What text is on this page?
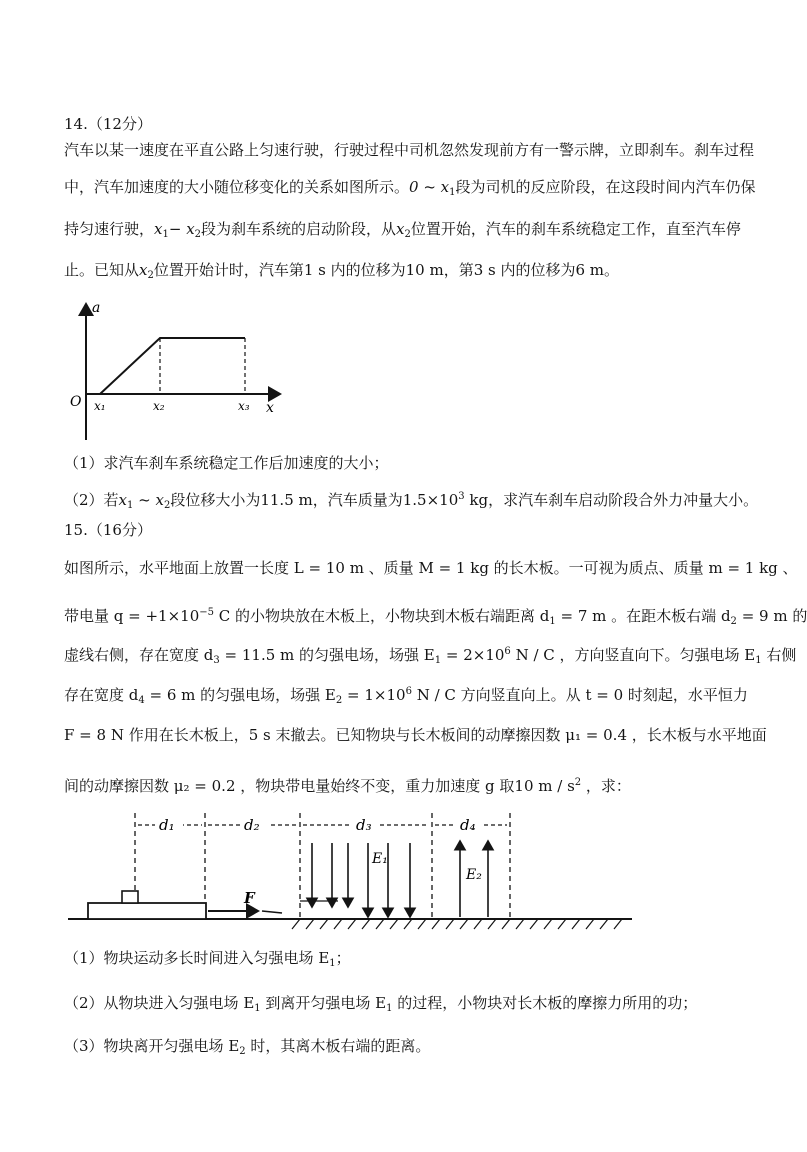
14.（12分）
汽车以某一速度在平直公路上匀速行驶，行驶过程中司机忽然发现前方有一警示牌，立即刹车。刹车过程
中，汽车加速度的大小随位移变化的关系如图所示。0 ~ $x_1$段为司机的反应阶段，在这段时间内汽车仍保
持匀速行驶，$x_1- x_2$段为刹车系统的启动阶段，从$x_2$位置开始，汽车的刹车系统稳定工作，直至汽车停
止。已知从$x_2$位置开始计时，汽车第1 s 内的位移为10 m，第3 s 内的位移为6 m。
a
x
O x₁	x₂	x₃
（1）求汽车刹车系统稳定工作后加速度的大小；
（2）若$x_1$ ~ $x_2$段位移大小为11.5 m，汽车质量为$1.5\times 10^3$ kg，求汽车刹车启动阶段合外力冲量大小。
15.（16分）
如图所示，水平地面上放置一长度 L = 10 m 、质量 M = 1 kg 的长木板。一可视为质点、质量 m = 1 kg 、
带电量 $q = +1\times 10^{-5}$ C 的小物块放在木板上，小物块到木板右端距离 $d_1 = 7$ m 。在距木板右端 $d_2 = 9$ m 的
虚线右侧，存在宽度 $d_3 = 11.5$ m 的匀强电场，场强 $E_1 = 2\times 10^6$ N / C ，方向竖直向下。匀强电场 $E_1$ 右侧
存在宽度 $d_4 = 6$ m 的匀强电场，场强 $E_2 = 1\times 10^6$ N / C 方向竖直向上。从 t = 0 时刻起，水平恒力
F = 8 N 作用在长木板上，5 s 末撤去。已知物块与长木板间的动摩擦因数 μ₁ = 0.4 ，长木板与水平地面
间的动摩擦因数 μ₂ = 0.2 ，物块带电量始终不变，重力加速度 g 取10 m / $s^2$ ，求：
d₁	d₂	d₃	d₄
E₁
E₂
F
（1）物块运动多长时间进入匀强电场 $E_1$；
（2）从物块进入匀强电场 $E_1$ 到离开匀强电场 $E_1$ 的过程，小物块对长木板的摩擦力所用的功；
（3）物块离开匀强电场 $E_2$ 时，其离木板右端的距离。
